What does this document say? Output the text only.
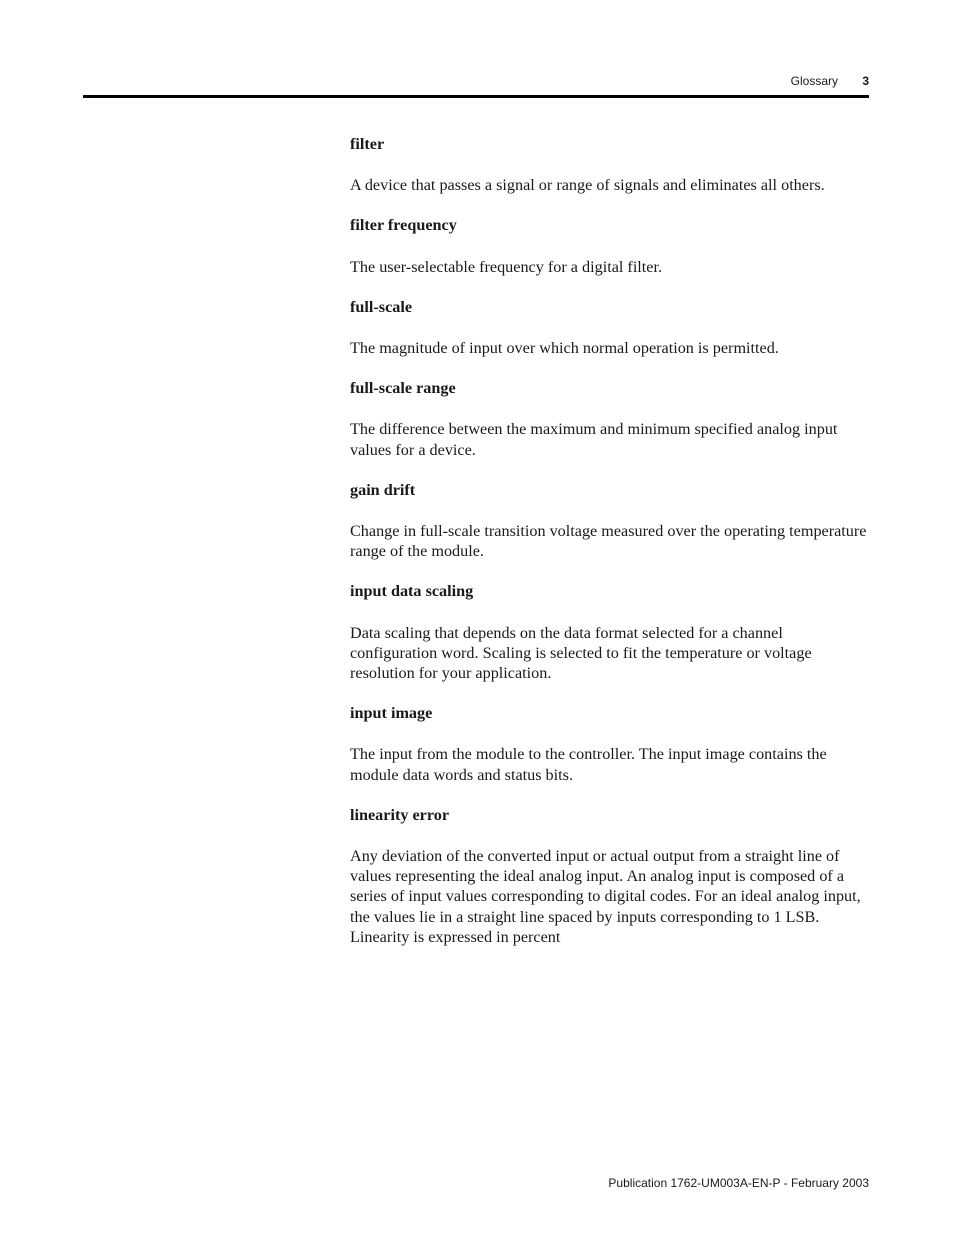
Glossary 3

filter

A device that passes a signal or range of signals and eliminates all others.

filter frequency

The user-selectable frequency for a digital filter.

full-scale

The magnitude of input over which normal operation is permitted.

full-scale range

The difference between the maximum and minimum specified analog input values for a device.

gain drift

Change in full-scale transition voltage measured over the operating temperature range of the module.

input data scaling

Data scaling that depends on the data format selected for a channel configuration word. Scaling is selected to fit the temperature or voltage resolution for your application.

input image

The input from the module to the controller. The input image contains the module data words and status bits.

linearity error

Any deviation of the converted input or actual output from a straight line of values representing the ideal analog input. An analog input is composed of a series of input values corresponding to digital codes. For an ideal analog input, the values lie in a straight line spaced by inputs corresponding to 1 LSB. Linearity is expressed in percent

Publication 1762-UM003A-EN-P - February 2003
